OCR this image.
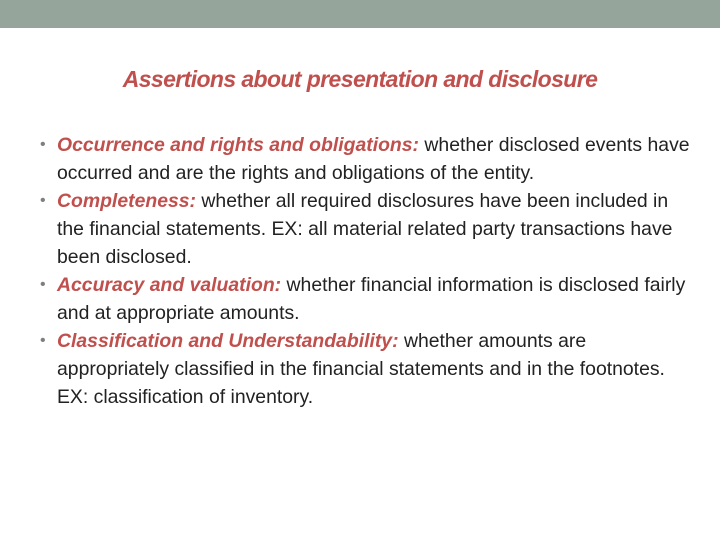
Assertions about presentation and disclosure
• Occurrence and rights and obligations: whether disclosed events have occurred and are the rights and obligations of the entity.
• Completeness: whether all required disclosures have been included in the financial statements. EX: all material related party transactions have been disclosed.
• Accuracy and valuation: whether financial information is disclosed fairly and at appropriate amounts.
• Classification and Understandability: whether amounts are appropriately classified in the financial statements and in the footnotes. EX: classification of inventory.
